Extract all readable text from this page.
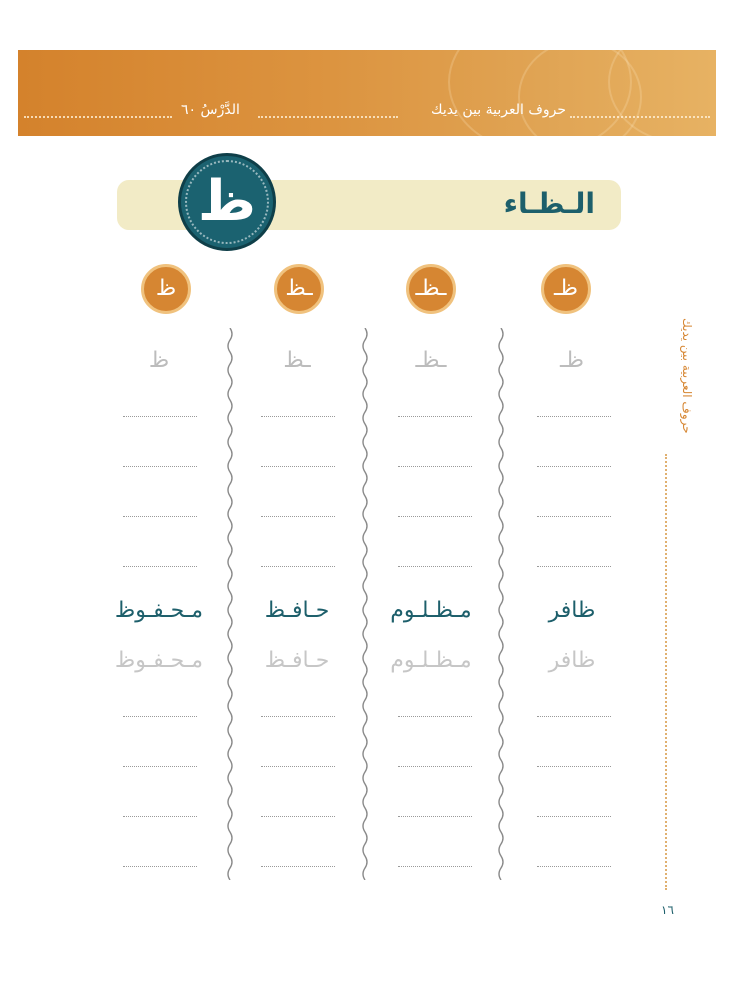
الدَّرْسُ ٦٠	حروف العربية بين يديك
الـظـاء
ظ
ظـ
ـظـ
ـظ
ظ
ظـ
ظافر
ظافر
ـظـ
مـظـلـوم
مـظـلـوم
ـظ
حـافـظ
حـافـظ
ظ
مـحـفـوظ
مـحـفـوظ
حروف العربية بين يديك
١٦
